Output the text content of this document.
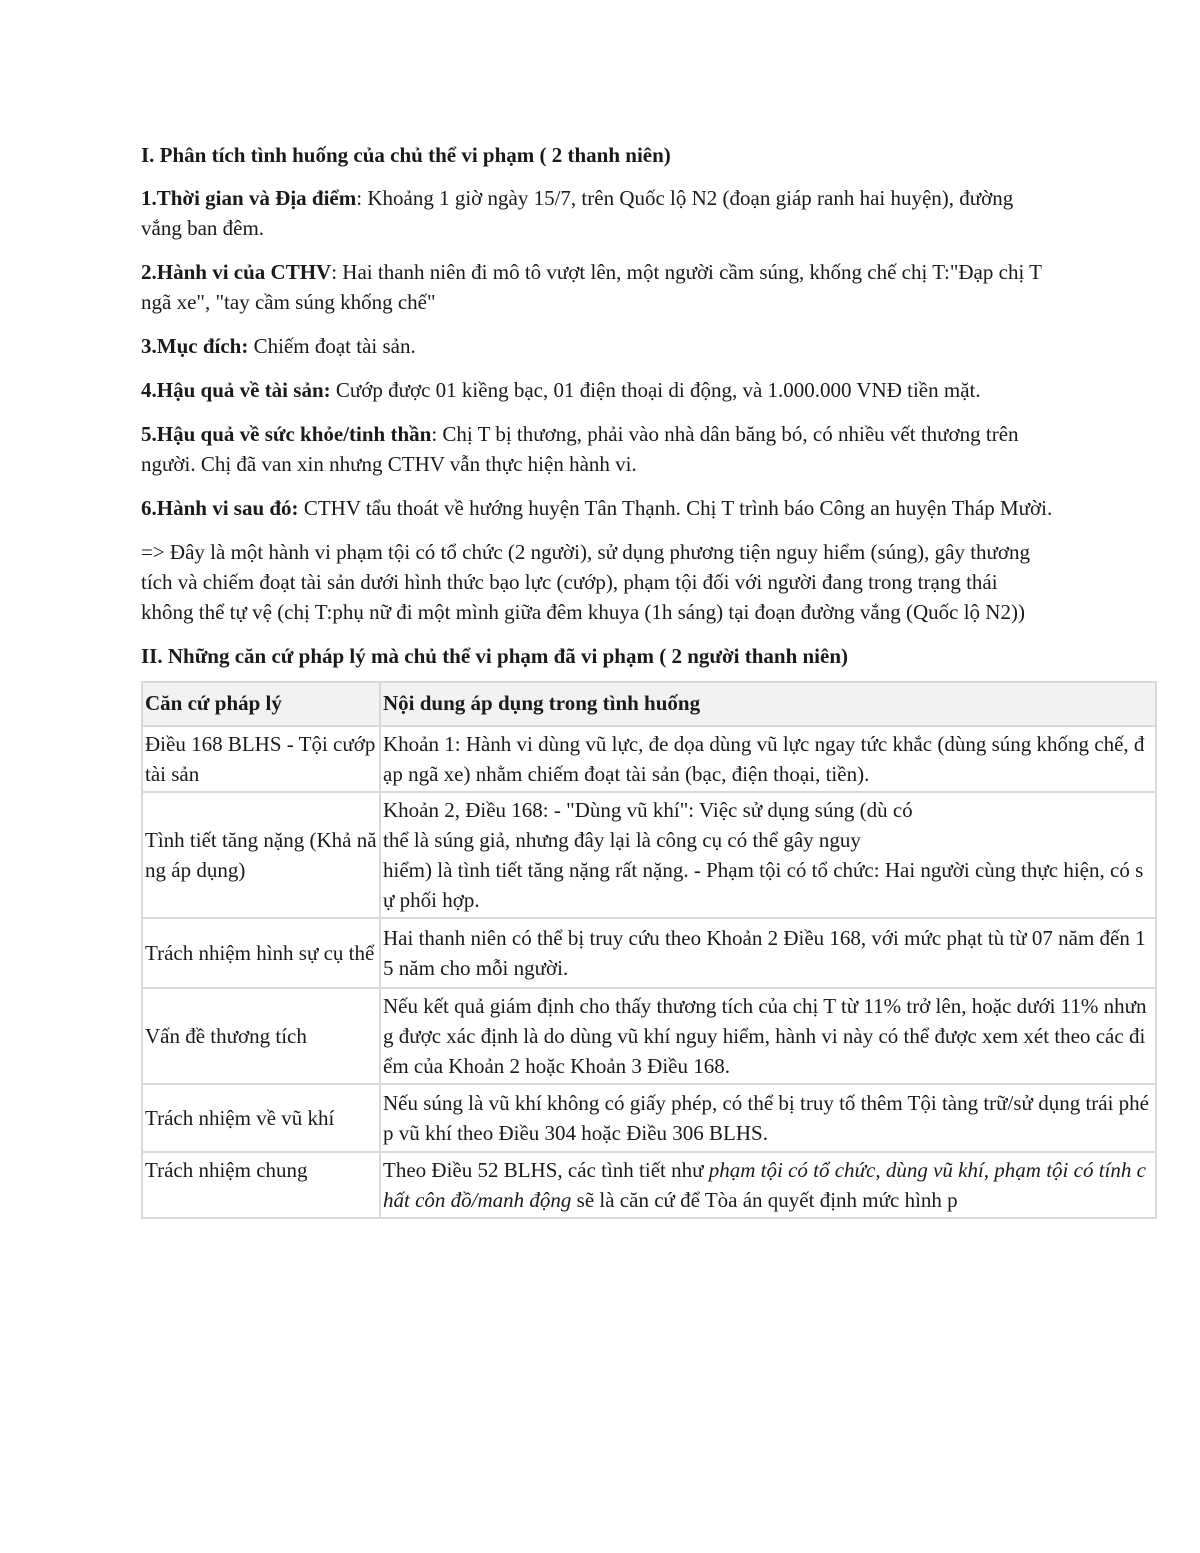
I. Phân tích tình huống của chủ thể vi phạm ( 2 thanh niên)
1.Thời gian và Địa điểm: Khoảng 1 giờ ngày 15/7, trên Quốc lộ N2 (đoạn giáp ranh hai huyện), đường vắng ban đêm.
2.Hành vi của CTHV: Hai thanh niên đi mô tô vượt lên, một người cầm súng, khống chế chị T:"Đạp chị T ngã xe", "tay cầm súng khống chế"
3.Mục đích: Chiếm đoạt tài sản.
4.Hậu quả về tài sản: Cướp được 01 kiềng bạc, 01 điện thoại di động, và 1.000.000 VNĐ tiền mặt.
5.Hậu quả về sức khỏe/tinh thần: Chị T bị thương, phải vào nhà dân băng bó, có nhiều vết thương trên người. Chị đã van xin nhưng CTHV vẫn thực hiện hành vi.
6.Hành vi sau đó: CTHV tẩu thoát về hướng huyện Tân Thạnh. Chị T trình báo Công an huyện Tháp Mười.
=> Đây là một hành vi phạm tội có tổ chức (2 người), sử dụng phương tiện nguy hiểm (súng), gây thương tích và chiếm đoạt tài sản dưới hình thức bạo lực (cướp), phạm tội đối với người đang trong trạng thái không thể tự vệ (chị T:phụ nữ đi một mình giữa đêm khuya (1h sáng) tại đoạn đường vắng (Quốc lộ N2))
II. Những căn cứ pháp lý mà chủ thể vi phạm đã vi phạm ( 2 người thanh niên)
Căn cứ pháp lý	Nội dung áp dụng trong tình huống
Điều 168 BLHS - Tội cướp tài sản	Khoản 1: Hành vi dùng vũ lực, đe dọa dùng vũ lực ngay tức khắc (dùng súng khống chế, đạp ngã xe) nhằm chiếm đoạt tài sản (bạc, điện thoại, tiền).
Tình tiết tăng nặng (Khả năng áp dụng)	Khoản 2, Điều 168: - "Dùng vũ khí": Việc sử dụng súng (dù có
thể là súng giả, nhưng đây lại là công cụ có thể gây nguy
hiểm) là tình tiết tăng nặng rất nặng. - Phạm tội có tổ chức: Hai người cùng thực hiện, có sự phối hợp.
Trách nhiệm hình sự cụ thể	Hai thanh niên có thể bị truy cứu theo Khoản 2 Điều 168, với mức phạt tù từ 07 năm đến 15 năm cho mỗi người.
Vấn đề thương tích	Nếu kết quả giám định cho thấy thương tích của chị T từ 11% trở lên, hoặc dưới 11% nhưng được xác định là do dùng vũ khí nguy hiểm, hành vi này có thể được xem xét theo các điểm của Khoản 2 hoặc Khoản 3 Điều 168.
Trách nhiệm về vũ khí	Nếu súng là vũ khí không có giấy phép, có thể bị truy tố thêm Tội tàng trữ/sử dụng trái phép vũ khí theo Điều 304 hoặc Điều 306 BLHS.
Trách nhiệm chung	Theo Điều 52 BLHS, các tình tiết như phạm tội có tổ chức, dùng vũ khí, phạm tội có tính chất côn đồ/manh động sẽ là căn cứ để Tòa án quyết định mức hình p
